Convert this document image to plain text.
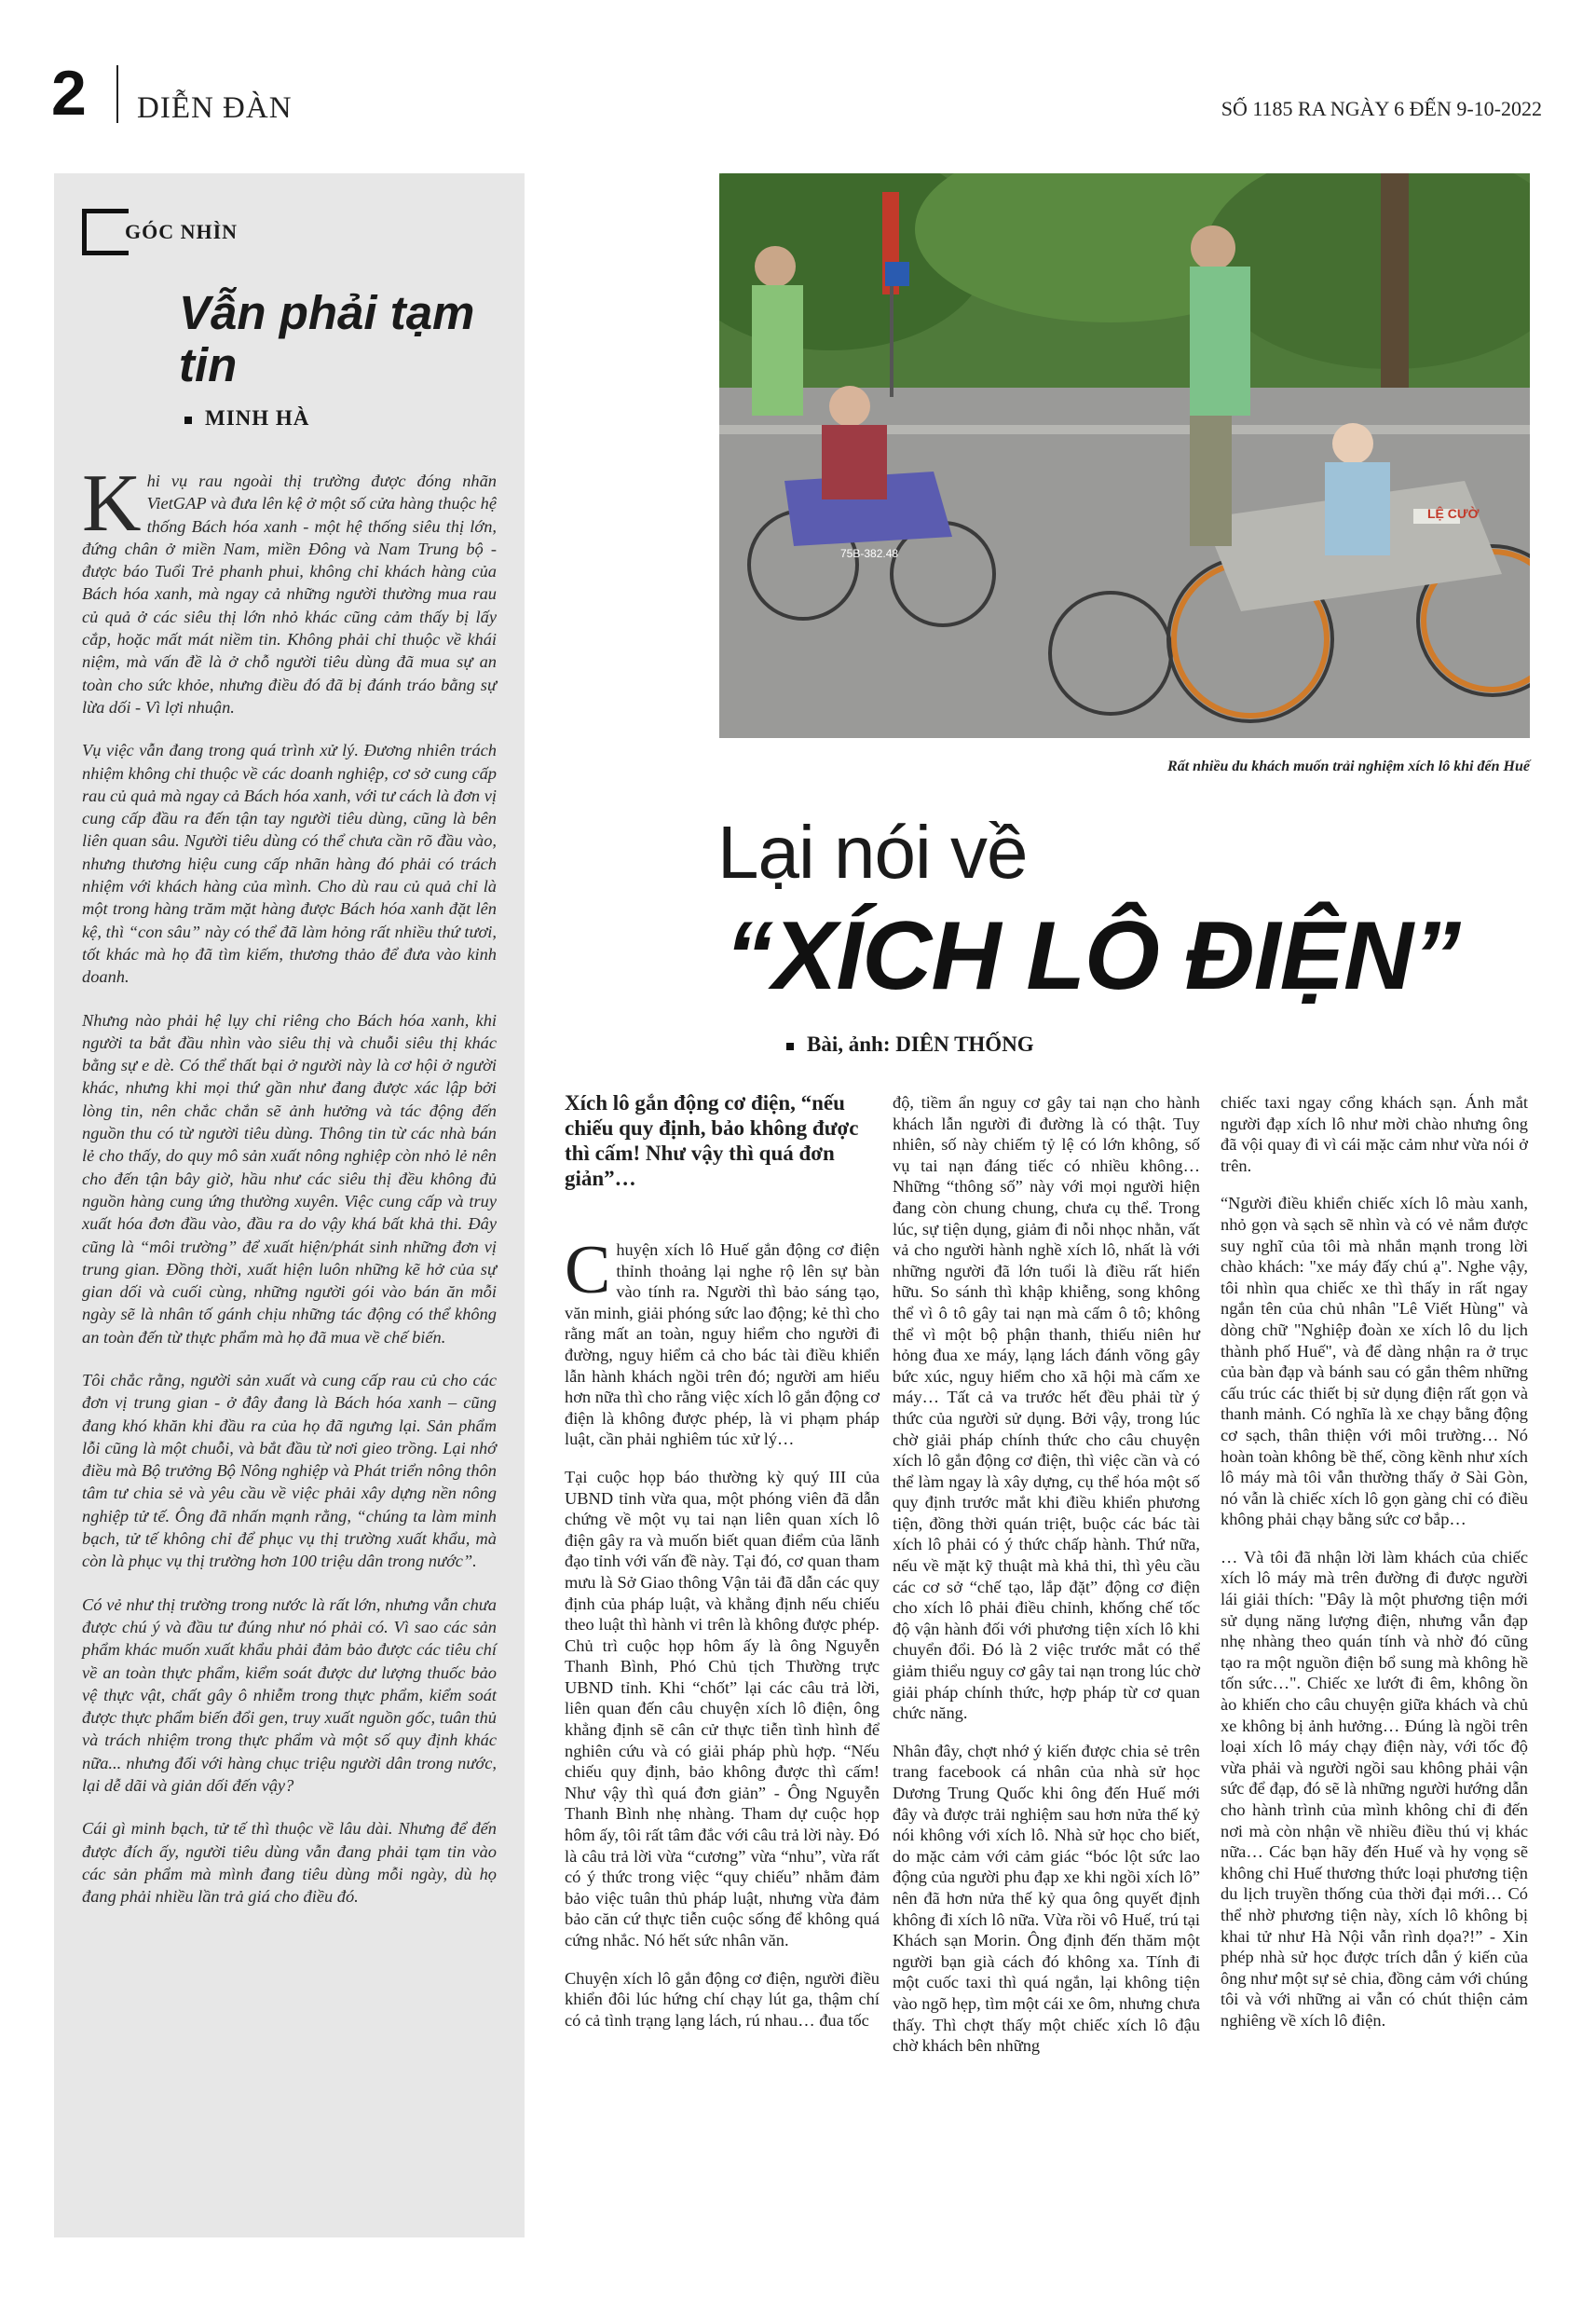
2 DIỄN ĐÀN	SỐ 1185 RA NGÀY 6 ĐẾN 9-10-2022
GÓC NHÌN
Vẫn phải tạm tin
MINH HÀ

Khi vụ rau ngoài thị trường được đóng nhãn VietGAP và đưa lên kệ ở một số cửa hàng thuộc hệ thống Bách hóa xanh - một hệ thống siêu thị lớn, đứng chân ở miền Nam, miền Đông và Nam Trung bộ - được báo Tuổi Trẻ phanh phui, không chỉ khách hàng của Bách hóa xanh, mà ngay cả những người thường mua rau củ quả ở các siêu thị lớn nhỏ khác cũng cảm thấy bị lấy cắp, hoặc mất mát niềm tin. Không phải chỉ thuộc về khái niệm, mà vấn đề là ở chỗ người tiêu dùng đã mua sự an toàn cho sức khỏe, nhưng điều đó đã bị đánh tráo bằng sự lừa dối - Vì lợi nhuận.

Vụ việc vẫn đang trong quá trình xử lý. Đương nhiên trách nhiệm không chỉ thuộc về các doanh nghiệp, cơ sở cung cấp rau củ quả mà ngay cả Bách hóa xanh, với tư cách là đơn vị cung cấp đầu ra đến tận tay người tiêu dùng, cũng là bên liên quan sâu. Người tiêu dùng có thể chưa cần rõ đầu vào, nhưng thương hiệu cung cấp nhãn hàng đó phải có trách nhiệm với khách hàng của mình. Cho dù rau củ quả chỉ là một trong hàng trăm mặt hàng được Bách hóa xanh đặt lên kệ, thì “con sâu” này có thể đã làm hỏng rất nhiều thứ tươi, tốt khác mà họ đã tìm kiếm, thương thảo để đưa vào kinh doanh.

Nhưng nào phải hệ lụy chỉ riêng cho Bách hóa xanh, khi người ta bắt đầu nhìn vào siêu thị và chuỗi siêu thị khác bằng sự e dè. Có thể thất bại ở người này là cơ hội ở người khác, nhưng khi mọi thứ gần như đang được xác lập bởi lòng tin, nên chắc chắn sẽ ảnh hưởng và tác động đến nguồn thu có từ người tiêu dùng. Thông tin từ các nhà bán lẻ cho thấy, do quy mô sản xuất nông nghiệp còn nhỏ lẻ nên cho đến tận bây giờ, hầu như các siêu thị đều không đủ nguồn hàng cung ứng thường xuyên. Việc cung cấp và truy xuất hóa đơn đầu vào, đầu ra do vậy khá bất khả thi. Đây cũng là “môi trường” để xuất hiện/phát sinh những đơn vị trung gian. Đồng thời, xuất hiện luôn những kẽ hở của sự gian dối và cuối cùng, những người gói vào bán ăn mỗi ngày sẽ là nhân tố gánh chịu những tác động có thể không an toàn đến từ thực phẩm mà họ đã mua về chế biến.

Tôi chắc rằng, người sản xuất và cung cấp rau củ cho các đơn vị trung gian - ở đây đang là Bách hóa xanh – cũng đang khó khăn khi đầu ra của họ đã ngưng lại. Sản phẩm lỗi cũng là một chuỗi, và bắt đầu từ nơi gieo trồng. Lại nhớ điều mà Bộ trưởng Bộ Nông nghiệp và Phát triển nông thôn tâm tư chia sẻ và yêu cầu về việc phải xây dựng nền nông nghiệp tử tế. Ông đã nhấn mạnh rằng, “chúng ta làm minh bạch, tử tế không chỉ để phục vụ thị trường xuất khẩu, mà còn là phục vụ thị trường hơn 100 triệu dân trong nước”.

Có vẻ như thị trường trong nước là rất lớn, nhưng vẫn chưa được chú ý và đầu tư đúng như nó phải có. Vì sao các sản phẩm khác muốn xuất khẩu phải đảm bảo được các tiêu chí về an toàn thực phẩm, kiểm soát được dư lượng thuốc bảo vệ thực vật, chất gây ô nhiễm trong thực phẩm, kiểm soát được thực phẩm biến đổi gen, truy xuất nguồn gốc, tuân thủ và trách nhiệm trong thực phẩm và một số quy định khác nữa... nhưng đối với hàng chục triệu người dân trong nước, lại dễ dãi và giản dối đến vậy?

Cái gì minh bạch, tử tế thì thuộc về lâu dài. Nhưng để đến được đích ấy, người tiêu dùng vẫn đang phải tạm tin vào các sản phẩm mà mình đang tiêu dùng mỗi ngày, dù họ đang phải nhiều lần trả giá cho điều đó.

LỆ CƯỜ
75B-382.48
Rất nhiều du khách muốn trải nghiệm xích lô khi đến Huế
Lại nói về
“XÍCH LÔ ĐIỆN”
Bài, ảnh: DIÊN THỐNG

Xích lô gắn động cơ điện, “nếu chiếu quy định, bảo không được thì cấm! Như vậy thì quá đơn giản”…

Chuyện xích lô Huế gắn động cơ điện thỉnh thoảng lại nghe rộ lên sự bàn vào tính ra. Người thì bảo sáng tạo, văn minh, giải phóng sức lao động; kẻ thì cho rằng mất an toàn, nguy hiểm cho người đi đường, nguy hiểm cả cho bác tài điều khiển lẫn hành khách ngồi trên đó; người am hiểu hơn nữa thì cho rằng việc xích lô gắn động cơ điện là không được phép, là vi phạm pháp luật, cần phải nghiêm túc xử lý…

Tại cuộc họp báo thường kỳ quý III của UBND tỉnh vừa qua, một phóng viên đã dẫn chứng về một vụ tai nạn liên quan xích lô điện gây ra và muốn biết quan điểm của lãnh đạo tỉnh với vấn đề này. Tại đó, cơ quan tham mưu là Sở Giao thông Vận tải đã dẫn các quy định của pháp luật, và khẳng định nếu chiếu theo luật thì hành vi trên là không được phép. Chủ trì cuộc họp hôm ấy là ông Nguyễn Thanh Bình, Phó Chủ tịch Thường trực UBND tỉnh. Khi “chốt” lại các câu trả lời, liên quan đến câu chuyện xích lô điện, ông khẳng định sẽ cân cử thực tiễn tình hình để nghiên cứu và có giải pháp phù hợp. “Nếu chiếu quy định, bảo không được thì cấm! Như vậy thì quá đơn giản” - Ông Nguyễn Thanh Bình nhẹ nhàng. Tham dự cuộc họp hôm ấy, tôi rất tâm đắc với câu trả lời này. Đó là câu trả lời vừa “cương” vừa “nhu”, vừa rất có ý thức trong việc “quy chiếu” nhằm đảm bảo việc tuân thủ pháp luật, nhưng vừa đảm bảo căn cứ thực tiễn cuộc sống để không quá cứng nhắc. Nó hết sức nhân văn.

Chuyện xích lô gắn động cơ điện, người điều khiển đôi lúc hứng chí chạy lút ga, thậm chí có cả tình trạng lạng lách, rú nhau… đua tốc

độ, tiềm ẩn nguy cơ gây tai nạn cho hành khách lẫn người đi đường là có thật. Tuy nhiên, số này chiếm tỷ lệ có lớn không, số vụ tai nạn đáng tiếc có nhiều không… Những “thông số” này với mọi người hiện đang còn chung chung, chưa cụ thể. Trong lúc, sự tiện dụng, giảm đi nỗi nhọc nhằn, vất vả cho người hành nghề xích lô, nhất là với những người đã lớn tuổi là điều rất hiển hữu. So sánh thì khập khiễng, song không thể vì ô tô gây tai nạn mà cấm ô tô; không thể vì một bộ phận thanh, thiếu niên hư hỏng đua xe máy, lạng lách đánh võng gây bức xúc, nguy hiểm cho xã hội mà cấm xe máy… Tất cả va trước hết đều phải từ ý thức của người sử dụng. Bởi vậy, trong lúc chờ giải pháp chính thức cho câu chuyện xích lô gắn động cơ điện, thì việc cần và có thể làm ngay là xây dựng, cụ thể hóa một số quy định trước mắt khi điều khiển phương tiện, đồng thời quán triệt, buộc các bác tài xích lô phải có ý thức chấp hành. Thứ nữa, nếu về mặt kỹ thuật mà khả thi, thì yêu cầu các cơ sở “chế tạo, lắp đặt” động cơ điện cho xích lô phải điều chỉnh, khống chế tốc độ vận hành đối với phương tiện xích lô khi chuyển đổi. Đó là 2 việc trước mắt có thể giảm thiểu nguy cơ gây tai nạn trong lúc chờ giải pháp chính thức, hợp pháp từ cơ quan chức năng.

Nhân đây, chợt nhớ ý kiến được chia sẻ trên trang facebook cá nhân của nhà sử học Dương Trung Quốc khi ông đến Huế mới đây và được trải nghiệm sau hơn nửa thế kỷ nói không với xích lô. Nhà sử học cho biết, do mặc cảm với cảm giác “bóc lột sức lao động của người phu đạp xe khi ngồi xích lô” nên đã hơn nửa thế kỷ qua ông quyết định không đi xích lô nữa. Vừa rồi vô Huế, trú tại Khách sạn Morin. Ông định đến thăm một người bạn già cách đó không xa. Tính đi một cuốc taxi thì quá ngắn, lại không tiện vào ngõ hẹp, tìm một cái xe ôm, nhưng chưa thấy. Thì chợt thấy một chiếc xích lô đậu chờ khách bên những

chiếc taxi ngay cổng khách sạn. Ánh mắt người đạp xích lô như mời chào nhưng ông đã vội quay đi vì cái mặc cảm như vừa nói ở trên.

“Người điều khiển chiếc xích lô màu xanh, nhỏ gọn và sạch sẽ nhìn và có vẻ nắm được suy nghĩ của tôi mà nhắn mạnh trong lời chào khách: "xe máy đấy chú ạ". Nghe vậy, tôi nhìn qua chiếc xe thì thấy in rất ngay ngắn tên của chủ nhân "Lê Viết Hùng" và dòng chữ "Nghiệp đoàn xe xích lô du lịch thành phố Huế", và để dàng nhận ra ở trục của bàn đạp và bánh sau có gắn thêm những cấu trúc các thiết bị sử dụng điện rất gọn và thanh mảnh. Có nghĩa là xe chạy bằng động cơ sạch, thân thiện với môi trường… Nó hoàn toàn không bề thế, cồng kềnh như xích lô máy mà tôi vẫn thường thấy ở Sài Gòn, nó vẫn là chiếc xích lô gọn gàng chỉ có điều không phải chạy bằng sức cơ bắp…

… Và tôi đã nhận lời làm khách của chiếc xích lô máy mà trên đường đi được người lái giải thích: "Đây là một phương tiện mới sử dụng năng lượng điện, nhưng vẫn đạp nhẹ nhàng theo quán tính và nhờ đó cũng tạo ra một nguồn điện bổ sung mà không hề tốn sức…". Chiếc xe lướt đi êm, không ồn ào khiến cho câu chuyện giữa khách và chủ xe không bị ảnh hưởng… Đúng là ngồi trên loại xích lô máy chạy điện này, với tốc độ vừa phải và người ngồi sau không phải vận sức để đạp, đó sẽ là những người hướng dẫn cho hành trình của mình không chỉ đi đến nơi mà còn nhận về nhiều điều thú vị khác nữa… Các bạn hãy đến Huế và hy vọng sẽ không chỉ Huế thương thức loại phương tiện du lịch truyền thống của thời đại mới… Có thể nhờ phương tiện này, xích lô không bị khai tử như Hà Nội vẫn rình dọa?!” - Xin phép nhà sử học được trích dẫn ý kiến của ông như một sự sẻ chia, đồng cảm với chúng tôi và với những ai vẫn có chút thiện cảm nghiêng về xích lô điện.
